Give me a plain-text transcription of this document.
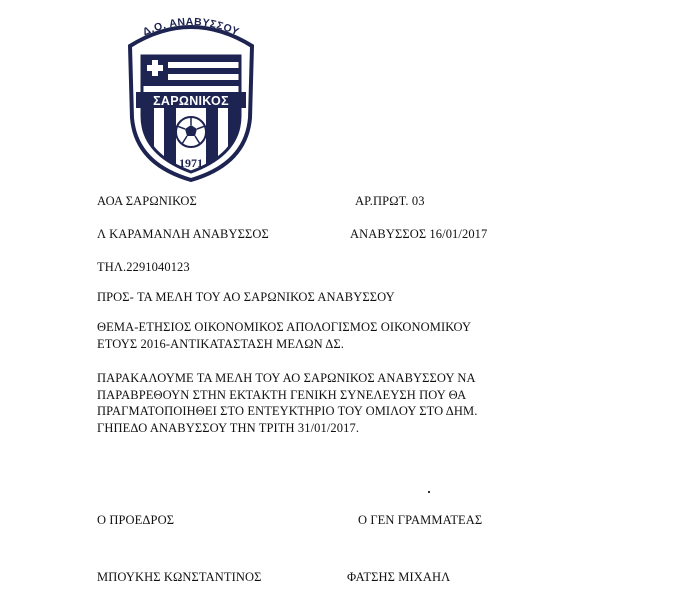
Δ.Ο. ΑΝΑΒΥΣΣΟΥ
ΣΑΡΩΝΙΚΟΣ
1971
ΑΟΑ ΣΑΡΩΝΙΚΟΣ	ΑΡ.ΠΡΩΤ. 03
Λ ΚΑΡΑΜΑΝΛΗ ΑΝΑΒΥΣΣΟΣ	ΑΝΑΒΥΣΣΟΣ 16/01/2017
ΤΗΛ.2291040123
ΠΡΟΣ- ΤΑ ΜΕΛΗ ΤΟΥ ΑΟ ΣΑΡΩΝΙΚΟΣ ΑΝΑΒΥΣΣΟΥ
ΘΕΜΑ-ΕΤΗΣΙΟΣ ΟΙΚΟΝΟΜΙΚΟΣ ΑΠΟΛΟΓΙΣΜΟΣ ΟΙΚΟΝΟΜΙΚΟΥ
ΕΤΟΥΣ 2016-ΑΝΤΙΚΑΤΑΣΤΑΣΗ ΜΕΛΩΝ ΔΣ.
ΠΑΡΑΚΑΛΟΥΜΕ ΤΑ ΜΕΛΗ ΤΟΥ ΑΟ ΣΑΡΩΝΙΚΟΣ ΑΝΑΒΥΣΣΟΥ ΝΑ
ΠΑΡΑΒΡΕΘΟΥΝ ΣΤΗΝ ΕΚΤΑΚΤΗ ΓΕΝΙΚΗ ΣΥΝΕΛΕΥΣΗ ΠΟΥ ΘΑ
ΠΡΑΓΜΑΤΟΠΟΙΗΘΕΙ ΣΤΟ ΕΝΤΕΥΚΤΗΡΙΟ ΤΟΥ ΟΜΙΛΟΥ ΣΤΟ ΔΗΜ.
ΓΗΠΕΔΟ ΑΝΑΒΥΣΣΟΥ ΤΗΝ ΤΡΙΤΗ 31/01/2017.
Ο ΠΡΟΕΔΡΟΣ	Ο ΓΕΝ ΓΡΑΜΜΑΤΕΑΣ
ΜΠΟΥΚΗΣ ΚΩΝΣΤΑΝΤΙΝΟΣ	ΦΑΤΣΗΣ ΜΙΧΑΗΛ
